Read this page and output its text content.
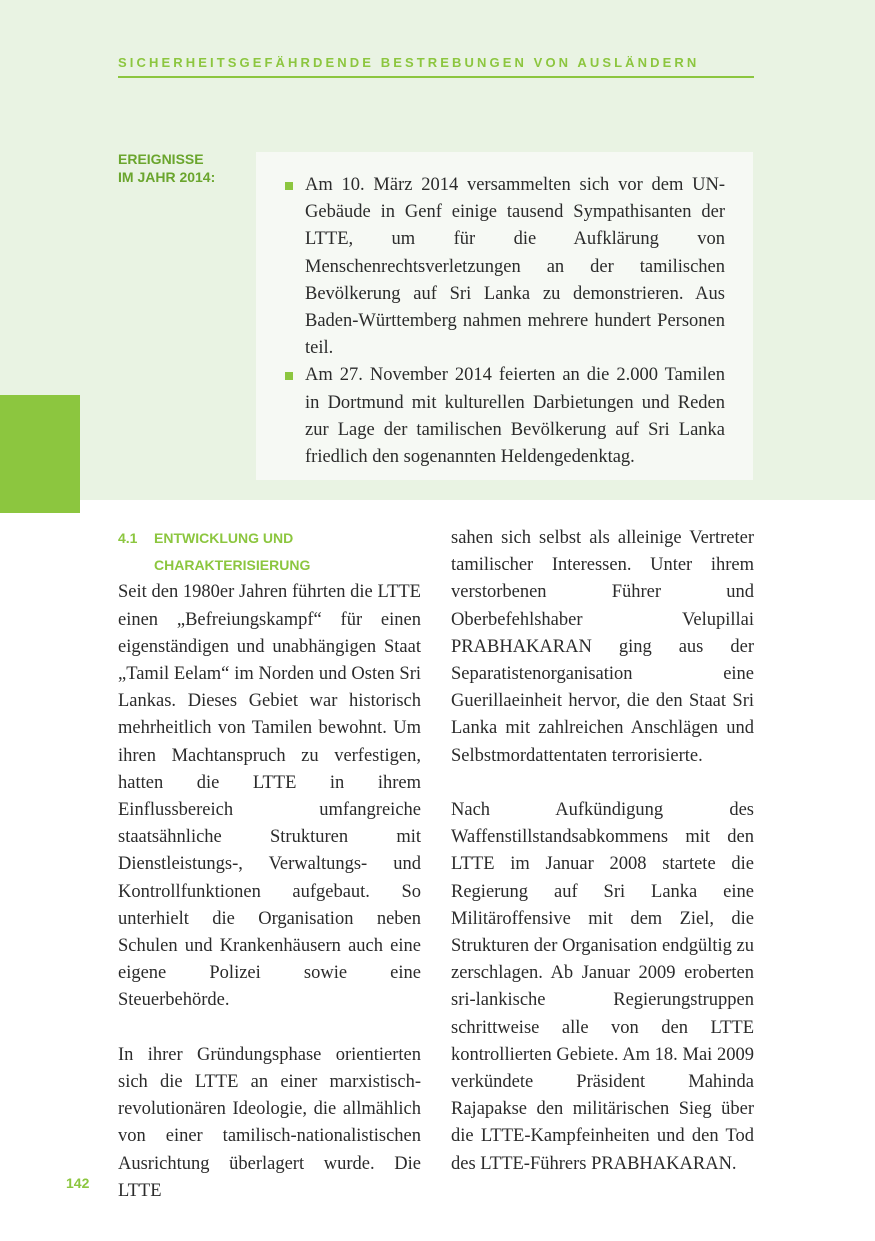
SICHERHEITSGEFÄHRDENDE BESTREBUNGEN VON AUSLÄNDERN
EREIGNISSE
IM JAHR 2014:	Am 10. März 2014 versammelten sich vor dem UN-Gebäude in Genf einige tausend Sympathisanten der LTTE, um für die Aufklärung von Menschenrechtsverletzungen an der tamilischen Bevölkerung auf Sri Lanka zu demonstrieren. Aus Baden-Württemberg nahmen mehrere hundert Personen teil.
Am 27. November 2014 feierten an die 2.000 Tamilen in Dortmund mit kulturellen Darbietungen und Reden zur Lage der tamilischen Bevölkerung auf Sri Lanka friedlich den sogenannten Heldengedenktag.
4.1	ENTWICKLUNG UND
CHARAKTERISIERUNG

Seit den 1980er Jahren führten die LTTE einen „Befreiungskampf“ für einen eigenständigen und unabhängigen Staat „Tamil Eelam“ im Norden und Osten Sri Lankas. Dieses Gebiet war historisch mehrheitlich von Tamilen bewohnt. Um ihren Machtanspruch zu verfestigen, hatten die LTTE in ihrem Einflussbereich umfangreiche staatsähnliche Strukturen mit Dienstleistungs-, Verwaltungs- und Kontrollfunktionen aufgebaut. So unterhielt die Organisation neben Schulen und Krankenhäusern auch eine eigene Polizei sowie eine Steuerbehörde.

In ihrer Gründungsphase orientierten sich die LTTE an einer marxistisch-revolutionären Ideologie, die allmählich von einer tamilisch-nationalistischen Ausrichtung überlagert wurde. Die LTTE

sahen sich selbst als alleinige Vertreter tamilischer Interessen. Unter ihrem verstorbenen Führer und Oberbefehlshaber Velupillai PRABHAKARAN ging aus der Separatistenorganisation eine Guerillaeinheit hervor, die den Staat Sri Lanka mit zahlreichen Anschlägen und Selbstmordattentaten terrorisierte.

Nach Aufkündigung des Waffenstillstandsabkommens mit den LTTE im Januar 2008 startete die Regierung auf Sri Lanka eine Militäroffensive mit dem Ziel, die Strukturen der Organisation endgültig zu zerschlagen. Ab Januar 2009 eroberten sri-lankische Regierungstruppen schrittweise alle von den LTTE kontrollierten Gebiete. Am 18. Mai 2009 verkündete Präsident Mahinda Rajapakse den militärischen Sieg über die LTTE-Kampfeinheiten und den Tod des LTTE-Führers PRABHAKARAN.

142
